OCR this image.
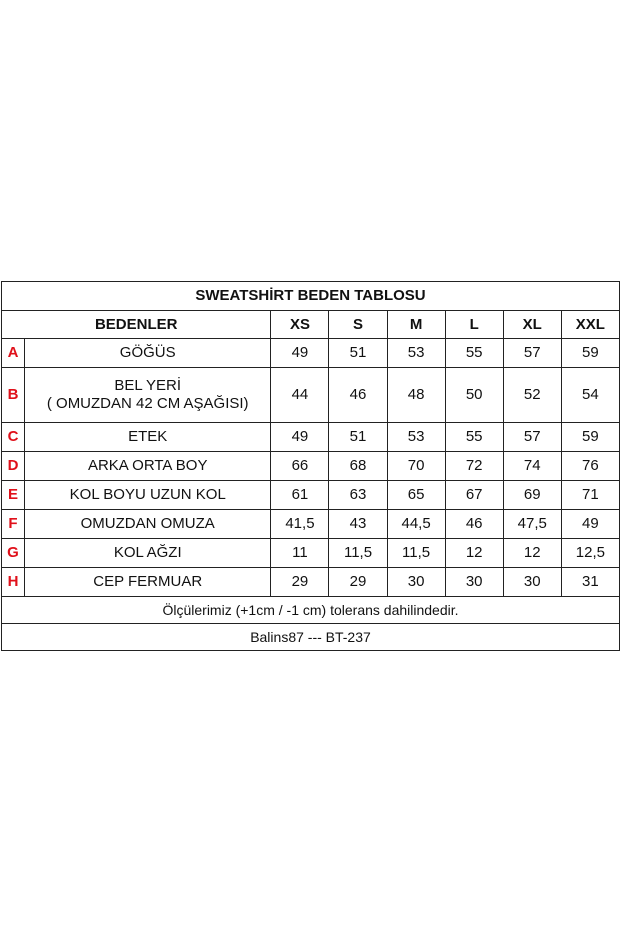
SWEATSHİRT BEDEN TABLOSU							
BEDENLER		XS	S	M	L	XL	XXL
A	GÖĞÜS	49	51	53	55	57	59
B	BEL YERİ
( OMUZDAN 42 CM AŞAĞISI)	44	46	48	50	52	54
C	ETEK	49	51	53	55	57	59
D	ARKA ORTA BOY	66	68	70	72	74	76
E	KOL BOYU UZUN KOL	61	63	65	67	69	71
F	OMUZDAN OMUZA	41,5	43	44,5	46	47,5	49
G	KOL AĞZI	11	11,5	11,5	12	12	12,5
H	CEP FERMUAR	29	29	30	30	30	31
Ölçülerimiz (+1cm / -1 cm) tolerans dahilindedir.							
Balins87 --- BT-237							
